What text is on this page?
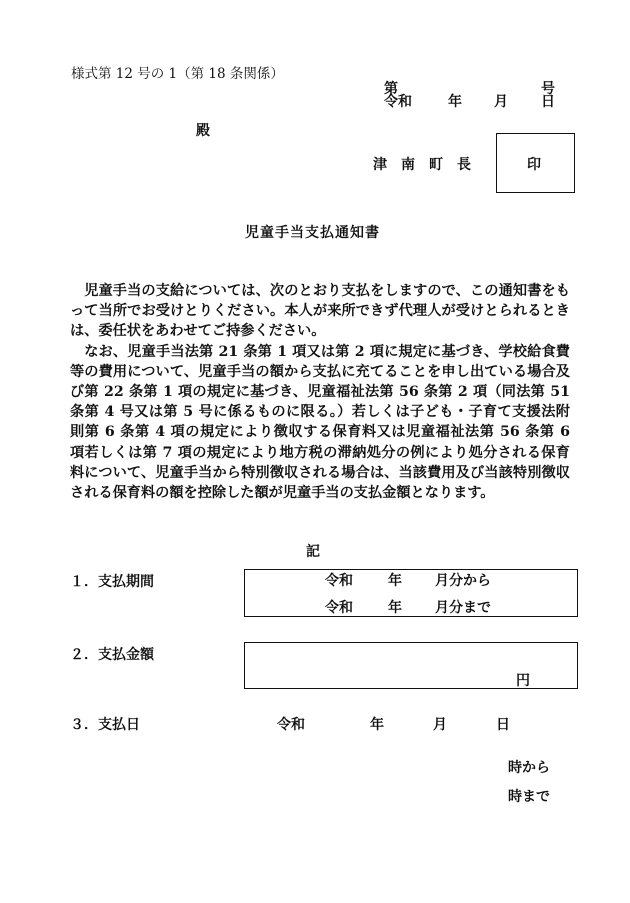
様式第 12 号の 1（第 18 条関係）
第	号
令和	年 月 日
殿
津南町長	印
児童手当支払通知書

児童手当の支給については、次のとおり支払をしますので、この通知書をもって当所でお受けとりください。本人が来所できず代理人が受けとられるときは、委任状をあわせてご持参ください。

なお、児童手当法第 21 条第 1 項又は第 2 項に規定に基づき、学校給食費等の費用について、児童手当の額から支払に充てることを申し出ている場合及び第 22 条第 1 項の規定に基づき、児童福祉法第 56 条第 2 項（同法第 51 条第 4 号又は第 5 号に係るものに限る。）若しくは子ども・子育て支援法附則第 6 条第 4 項の規定により徴収する保育料又は児童福祉法第 56 条第 6 項若しくは第 7 項の規定により地方税の滞納処分の例により処分される保育料について、児童手当から特別徴収される場合は、当該費用及び当該特別徴収される保育料の額を控除した額が児童手当の支払金額となります。

記
１．支払期間	令和	年 月分から
令和	年 月分まで
２．支払金額
円
３．支払日	令和	年	月	日
時から
時まで
